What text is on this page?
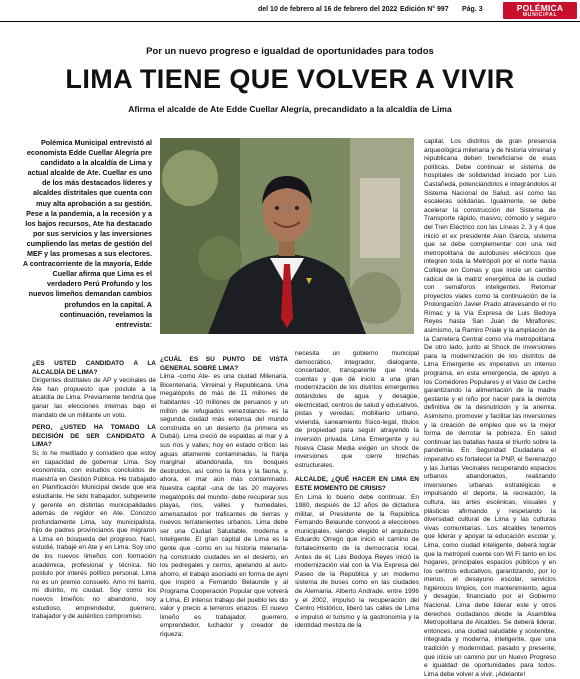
del 10 de febrero al 16 de febrero del 2022 Edición N° 997 Pág. 3	POLÉMICA
MUNICIPAL
Por un nuevo progreso e igualdad de oportunidades para todos
LIMA TIENE QUE VOLVER A VIVIR
Afirma el alcalde de Ate Edde Cuellar Alegría, precandidato a la alcaldía de Lima

Polémica Municipal entrevistó al economista Edde Cuellar Alegría pre candidato a la alcaldía de Lima y actual alcalde de Ate. Cuellar es uno de los más destacados líderes y alcaldes distritales que cuenta con muy alta aprobación a su gestión. Pese a la pandemia, a la recesión y a los bajos recursos, Ate ha destacado por sus servicios y las inversiones cumpliendo las metas de gestión del MEF y las promesas a sus electores. A contracorriente de la mayoría, Edde Cuellar afirma que Lima es el verdadero Perú Profundo y los nuevos limeños demandan cambios profundos en la capital. A continuación, revelamos la entrevista:

¿ES USTED CANDIDATO A LA ALCALDÍA DE LIMA?

Dirigentes distritales de AP y vecinales de Ate han propuesto que postule a la alcaldía de Lima. Previamente tendría que ganar las elecciones internas bajo el mandato de un militante un voto.

PERO, ¿USTED HA TOMADO LA DECISIÓN DE SER CANDIDATO A LIMA?

Si, lo he meditado y considero que estoy en capacidad de gobernar Lima. Soy economista, con estudios concluidos de maestría en Gestión Pública. He trabajado en Planificación Municipal desde que era estudiante. He sido trabajador, subgerente y gerente en distintas municipalidades además de regidor en Ate. Conozco profundamente Lima, soy municipalista, hijo de padres provincianos que migraron a Lima en búsqueda del progreso. Nací, estudié, trabajé en Ate y en Lima. Soy uno de los nuevos limeños con formación académica, profesional y técnica. No postulo por interés político personal. Lima no es un premio consuelo. Amo mi barrio, mi distrito, mi ciudad. Soy como los nuevos limeños: no abandono, soy estudioso, emprendedor, guerrero, trabajador y de auténtico compromiso.

¿CUÁL ES SU PUNTO DE VISTA GENERAL SOBRE LIMA?

Lima -como Ate- es una ciudad Milenaria, Bicentenaria, Virreinal y Republicana. Una megalópolis de más de 11 millones de habitantes -10 millones de peruanos y un millón de refugiados venezolanos- es la segunda ciudad más extensa del mundo construida en un desierto (la primera es Dubái). Lima creció de espaldas al mar y a sus ríos y valles; hoy en estado crítico: las aguas altamente contaminadas, la franja marginal abandonada, los bosques destruidos, así como la flora y la fauna, y, ahora, el mar aún más contaminado. Nuestra capital -una de las 20 mayores megalópolis del mundo- debe recuperar sus playas, ríos, valles y humedales, amenazados por traficantes de tierras y nuevos terratenientes urbanos. Lima debe ser una Ciudad Saludable, moderna e Inteligente. El gran capital de Lima es la gente que -como en su historia milenaria- ha construido ciudades en el desierto, en los pedregales y cerros, apelando al auto-ahorro, el trabajo asociado en forma de ayni que inspiró a Fernando Belaunde y al Programa Cooperación Popular que volverá a Lima. El intenso trabajo del pueblo les dio valor y precio a terrenos eriazos. El nuevo limeño es trabajador, guerrero, emprendedor, luchador y creador de riqueza;

necesita un gobierno municipal democrático, integrador, dialogante, concertador, transparente que rinda cuentas y que dé inicio a una gran modernización de los distritos emergentes dotándoles de agua y desagüe, electricidad, centros de salud y educativos, pistas y veredas; mobiliario urbano, vivienda, saneamiento físico-legal, títulos de propiedad para seguir atrayendo la inversión privada. Lima Emergente y su Nueva Clase Media exigen un shock de inversiones que cierre brechas estructurales.

ALCALDE, ¿QUÉ HACER EN LIMA EN ESTE MOMENTO DE CRISIS?

En Lima lo bueno debe continuar. En 1980, después de 12 años de dictadura militar, el Presidente de la República Fernando Belaunde convocó a elecciones municipales, siendo elegido el arquitecto Eduardo Orrego que inició el camino de fortalecimiento de la democracia local. Antes de él, Luis Bedoya Reyes inició la modernización vial con la Vía Expresa del Paseo de la República y un moderno sistema de buses como en las ciudades de Alemania. Alberto Andrade, entre 1996 y el 2002, impulsó la recuperación del Centro Histórico, liberó las calles de Lima e impulsó el turismo y la gastronomía y la identidad mestiza de la

capital. Los distritos de gran presencia arqueológica milenaria y de historia virreinal y republicana deben beneficiarse de esas políticas. Debe continuar el sistema de hospitales de solidaridad iniciado por Luis Castañeda, potenciándolos e integrándolos al Sistema Nacional de Salud, así como las escaleras solidarias. Igualmente, se debe acelerar la construcción del Sistema de Transporte rápido, masivo, cómodo y seguro del Tren Eléctrico con las Líneas 2, 3 y 4 que inició el ex presidente Alan García, sistema que se debe complementar con una red metropolitana de autobuses eléctricos que integren toda la Metrópoli por el norte hasta Collique en Comas y que inicie un cambio radical de la matriz energética de la ciudad con semáforos inteligentes. Retomar proyectos viales como la continuación de la Prolongación Javier Prado atravesando el río Rímac y la Vía Expresa de Luis Bedoya Reyes hasta San Juan de Miraflores; asimismo, la Ramiro Priale y la ampliación de la Carretera Central como vía metropolitana. De otro lado, junto al Shock de inversiones para la modernización de los distritos de Lima Emergente es imperativo un intenso programa, en esta emergencia, de apoyo a los Comedores Populares y el Vaso de Leche garantizando la alimentación de la madre gestante y el niño por nacer para la derrota definitiva de la desnutrición y la anemia. Asimismo, promover y facilitar las inversiones y la creación de empleo que es la mejor forma de derrotar la pobreza. En salud continuar las batallas hasta el triunfo sobre la pandemia. En Seguridad Ciudadana el imperativo es fortalecer la PNP, el Serenazgo y las Juntas Vecinales recuperando espacios urbanos abandonados, realizando inversiones urbanas estratégicas e impulsando el deporte, la recreación, la cultura, las artes escénicas, visuales y plásticas afirmando y respetando la diversidad cultural de Lima y las culturas vivas comunitarias. Los alcaldes tenemos que liderar y apoyar la educación escolar y, Lima, como ciudad inteligente, deberá lograr que la metrópoli cuente con Wi Fi tanto en los hogares, principales espacios públicos y en los centros educativos, garantizando, por lo menos, el desayuno escolar, servicios higiénicos limpios, con mantenimiento, agua y desagüe, financiado por el Gobierno Nacional. Lima debe liderar este y otros derechos ciudadanos desde la Asamblea Metropolitana de Alcaldes. Se deberá liderar, entonces, una ciudad saludable y sostenible, integrada y moderna, inteligente, que una tradición y modernidad, pasado y presente, que inicie un camino por un Nuevo Progreso e igualdad de oportunidades para todos. Lima debe volver a vivir. ¡Adelante!
